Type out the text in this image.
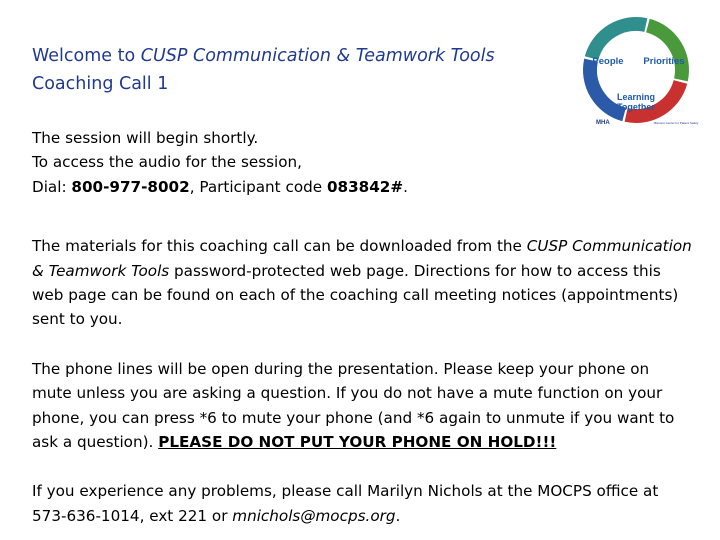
Welcome to CUSP Communication & Teamwork Tools
Coaching Call 1
People Priorities
Learning
Together
MHA	Missouri Center for Patient Safety

The session will begin shortly.
To access the audio for the session,
Dial: 800-977-8002, Participant code 083842#.

The materials for this coaching call can be downloaded from the CUSP Communication & Teamwork Tools password-protected web page. Directions for how to access this web page can be found on each of the coaching call meeting notices (appointments) sent to you.

The phone lines will be open during the presentation. Please keep your phone on mute unless you are asking a question. If you do not have a mute function on your phone, you can press *6 to mute your phone (and *6 again to unmute if you want to ask a question). PLEASE DO NOT PUT YOUR PHONE ON HOLD!!!

If you experience any problems, please call Marilyn Nichols at the MOCPS office at 573-636-1014, ext 221 or mnichols@mocps.org.
